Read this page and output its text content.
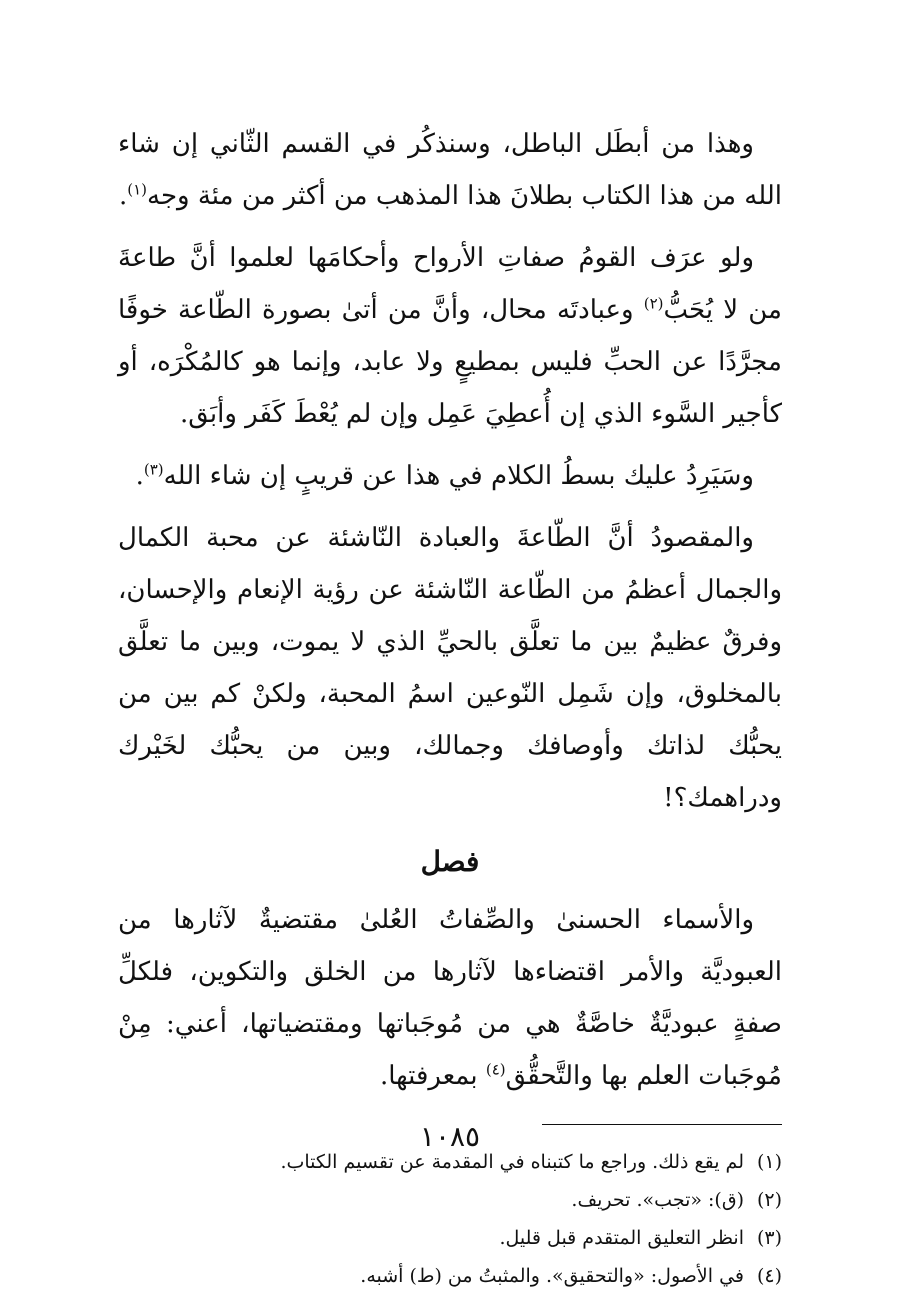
وهذا من أبطَل الباطل، وسنذكُر في القسم الثّاني إن شاء الله من هذا الكتاب بطلانَ هذا المذهب من أكثر من مئة وجه$^{(١)}$.

ولو عرَف القومُ صفاتِ الأرواح وأحكامَها لعلموا أنَّ طاعةَ من لا يُحَبُّ$^{(٢)}$ وعبادتَه محال، وأنَّ من أتىٰ بصورة الطّاعة خوفًا مجرَّدًا عن الحبِّ فليس بمطيعٍ ولا عابد، وإنما هو كالمُكْرَه، أو كأجير السَّوء الذي إن أُعطِيَ عَمِل وإن لم يُعْطَ كَفَر وأبَق.

وسَيَرِدُ عليك بسطُ الكلام في هذا عن قريبٍ إن شاء الله$^{(٣)}$.

والمقصودُ أنَّ الطّاعةَ والعبادة النّاشئة عن محبة الكمال والجمال أعظمُ من الطّاعة النّاشئة عن رؤية الإنعام والإحسان، وفرقٌ عظيمٌ بين ما تعلَّق بالحيِّ الذي لا يموت، وبين ما تعلَّق بالمخلوق، وإن شَمِل النّوعين اسمُ المحبة، ولكنْ كم بين من يحبُّك لذاتك وأوصافك وجمالك، وبين من يحبُّك لخَيْرك ودراهمك؟!

فصل

والأسماء الحسنىٰ والصِّفاتُ العُلىٰ مقتضيةٌ لآثارها من العبوديَّة والأمر اقتضاءها لآثارها من الخلق والتكوين، فلكلِّ صفةٍ عبوديَّةٌ خاصَّةٌ هي من مُوجَباتها ومقتضياتها، أعني: مِنْ مُوجَبات العلم بها والتَّحقُّق$^{(٤)}$ بمعرفتها.

(١)لم يقع ذلك. وراجع ما كتبناه في المقدمة عن تقسيم الكتاب.
(٢)(ق): «تجب». تحريف.
(٣)انظر التعليق المتقدم قبل قليل.
(٤)في الأصول: «والتحقيق». والمثبتُ من (ط) أشبه.
١٠٨٥
